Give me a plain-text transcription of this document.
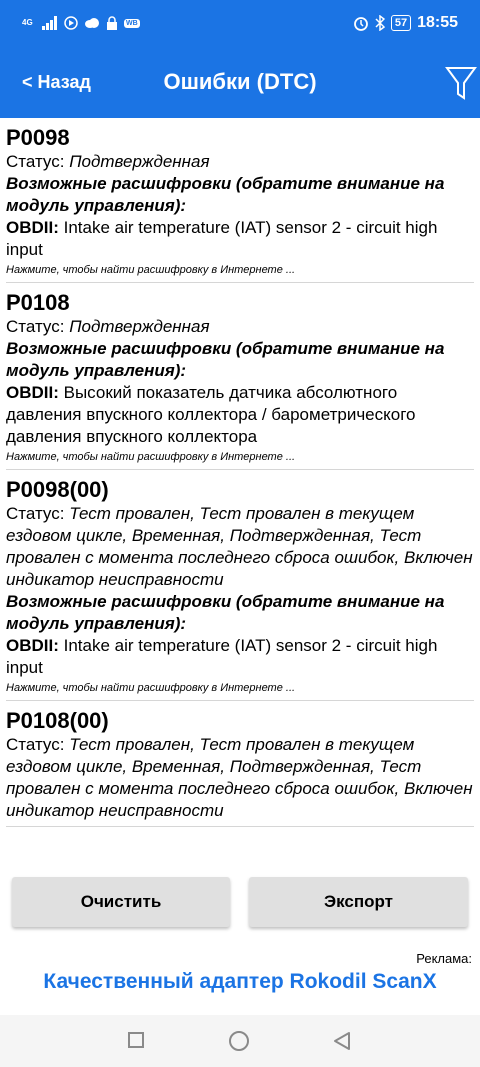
4G	WB	57 18:55
< Назад	Ошибки (DTC)
P0098
Статус: Подтвержденная
Возможные расшифровки (обратите внимание на модуль управления):
OBDII: Intake air temperature (IAT) sensor 2 - circuit high input
Нажмите, чтобы найти расшифровку в Интернете ...
P0108
Статус: Подтвержденная
Возможные расшифровки (обратите внимание на модуль управления):
OBDII: Высокий показатель датчика абсолютного давления впускного коллектора / барометрического давления впускного коллектора
Нажмите, чтобы найти расшифровку в Интернете ...
P0098(00)
Статус: Тест провален, Тест провален в текущем ездовом цикле, Временная, Подтвержденная, Тест провален с момента последнего сброса ошибок, Включен индикатор неисправности
Возможные расшифровки (обратите внимание на модуль управления):
OBDII: Intake air temperature (IAT) sensor 2 - circuit high input
Нажмите, чтобы найти расшифровку в Интернете ...
P0108(00)
Статус: Тест провален, Тест провален в текущем ездовом цикле, Временная, Подтвержденная, Тест провален с момента последнего сброса ошибок, Включен индикатор неисправности
Очистить	Экспорт
Реклама:
Качественный адаптер Rokodil ScanX
